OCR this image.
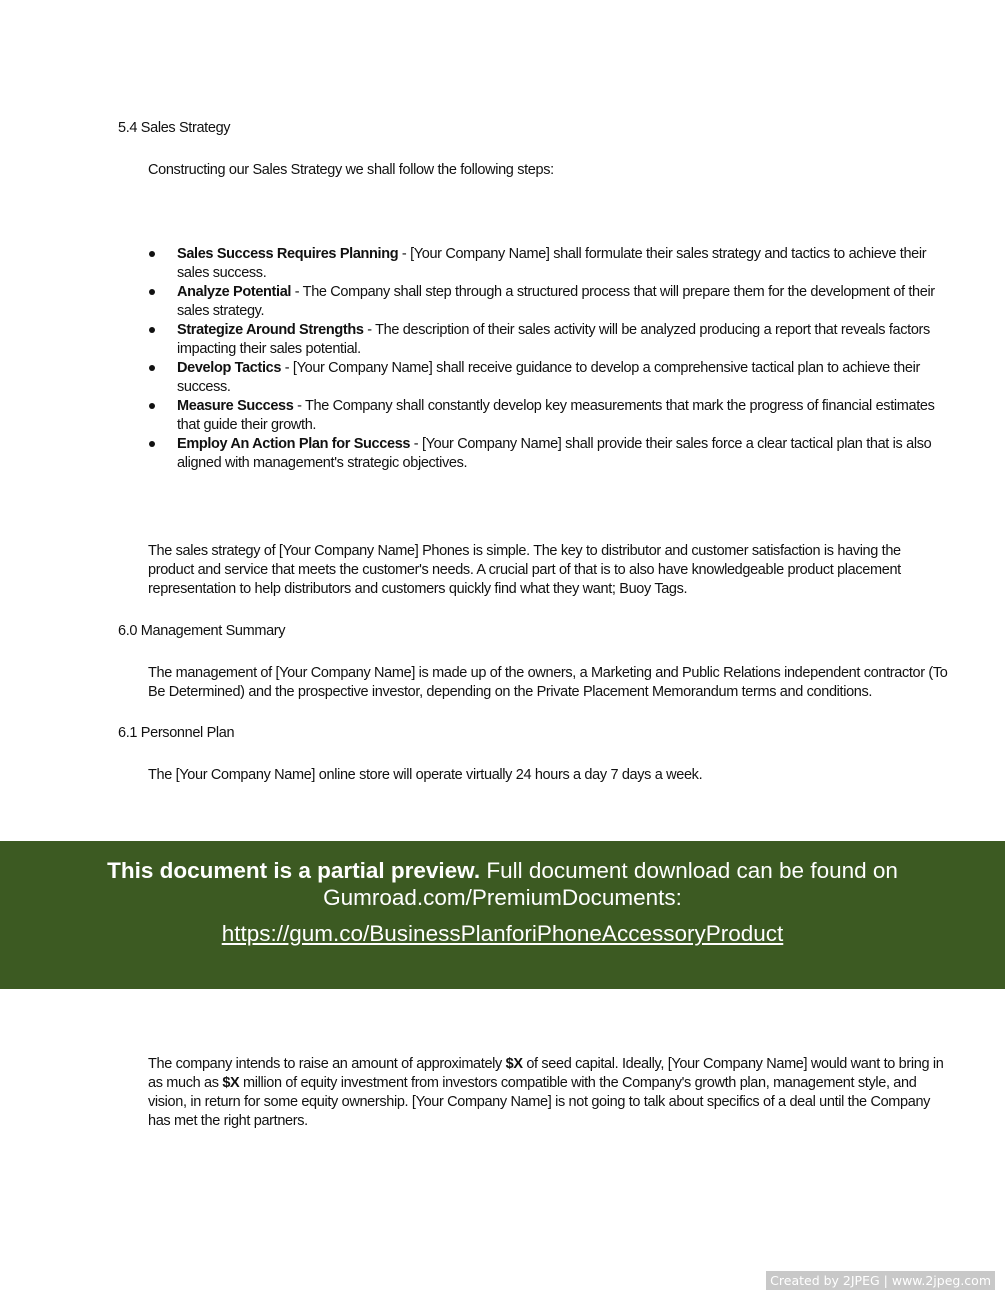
5.4 Sales Strategy

Constructing our Sales Strategy we shall follow the following steps:

Sales Success Requires Planning - [Your Company Name] shall formulate their sales strategy and tactics to achieve their sales success.
Analyze Potential - The Company shall step through a structured process that will prepare them for the development of their sales strategy.
Strategize Around Strengths - The description of their sales activity will be analyzed producing a report that reveals factors impacting their sales potential.
Develop Tactics - [Your Company Name] shall receive guidance to develop a comprehensive tactical plan to achieve their success.
Measure Success - The Company shall constantly develop key measurements that mark the progress of financial estimates that guide their growth.
Employ An Action Plan for Success - [Your Company Name] shall provide their sales force a clear tactical plan that is also aligned with management's strategic objectives.

The sales strategy of [Your Company Name] Phones is simple. The key to distributor and customer satisfaction is having the product and service that meets the customer's needs. A crucial part of that is to also have knowledgeable product placement representation to help distributors and customers quickly find what they want; Buoy Tags.

6.0 Management Summary

The management of [Your Company Name] is made up of the owners, a Marketing and Public Relations independent contractor (To Be Determined) and the prospective investor, depending on the Private Placement Memorandum terms and conditions.

6.1 Personnel Plan

The [Your Company Name] online store will operate virtually 24 hours a day 7 days a week.

This document is a partial preview. Full document download can be found on Gumroad.com/PremiumDocuments:
https://gum.co/BusinessPlanforiPhoneAccessoryProduct

The company intends to raise an amount of approximately $X of seed capital. Ideally, [Your Company Name] would want to bring in as much as $X million of equity investment from investors compatible with the Company's growth plan, management style, and vision, in return for some equity ownership. [Your Company Name] is not going to talk about specifics of a deal until the Company has met the right partners.

Created by 2JPEG | www.2jpeg.com
